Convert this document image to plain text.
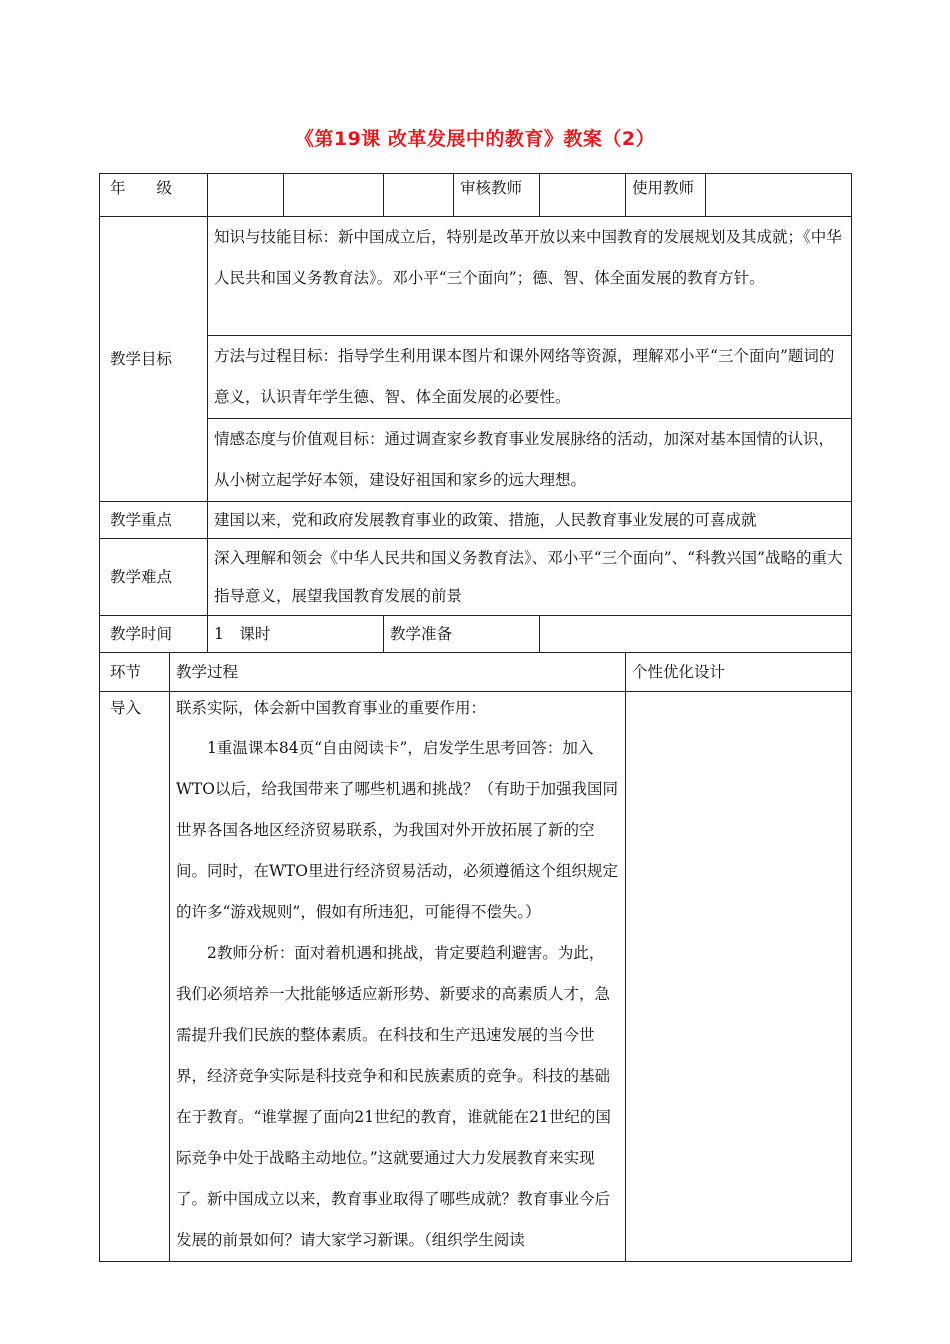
《第19课 改革发展中的教育》教案（2）
年　　级					审核教师		使用教师	
教学目标		知识与技能目标：新中国成立后，特别是改革开放以来中国教育的发展规划及其成就；《中华人民共和国义务教育法》。邓小平“三个面向”；德、智、体全面发展的教育方针。						

		方法与过程目标：指导学生利用课本图片和课外网络等资源，理解邓小平“三个面向”题词的意义，认识青年学生德、智、体全面发展的必要性。						

		情感态度与价值观目标：通过调查家乡教育事业发展脉络的活动，加深对基本国情的认识，从小树立起学好本领，建设好祖国和家乡的远大理想。						

教学重点		建国以来，党和政府发展教育事业的政策、措施，人民教育事业发展的可喜成就						
教学难点		深入理解和领会《中华人民共和国义务教育法》、邓小平“三个面向”、“科教兴国”战略的重大指导意义，展望我国教育发展的前景						

教学时间		1　课时		教学准备				
环节	教学过程						个性优化设计	
导入	联系实际，体会新中国教育事业的重要作用：

1重温课本84页“自由阅读卡”，启发学生思考回答：加入WTO以后，给我国带来了哪些机遇和挑战？（有助于加强我国同世界各国各地区经济贸易联系，为我国对外开放拓展了新的空间。同时，在WTO里进行经济贸易活动，必须遵循这个组织规定的许多“游戏规则”，假如有所违犯，可能得不偿失。）

2教师分析：面对着机遇和挑战，肯定要趋利避害。为此，我们必须培养一大批能够适应新形势、新要求的高素质人才，急需提升我们民族的整体素质。在科技和生产迅速发展的当今世界，经济竞争实际是科技竞争和和民族素质的竞争。科技的基础在于教育。“谁掌握了面向21世纪的教育，谁就能在21世纪的国际竞争中处于战略主动地位。”这就要通过大力发展教育来实现了。新中国成立以来，教育事业取得了哪些成就？教育事业今后发展的前景如何？请大家学习新课。（组织学生阅读							
